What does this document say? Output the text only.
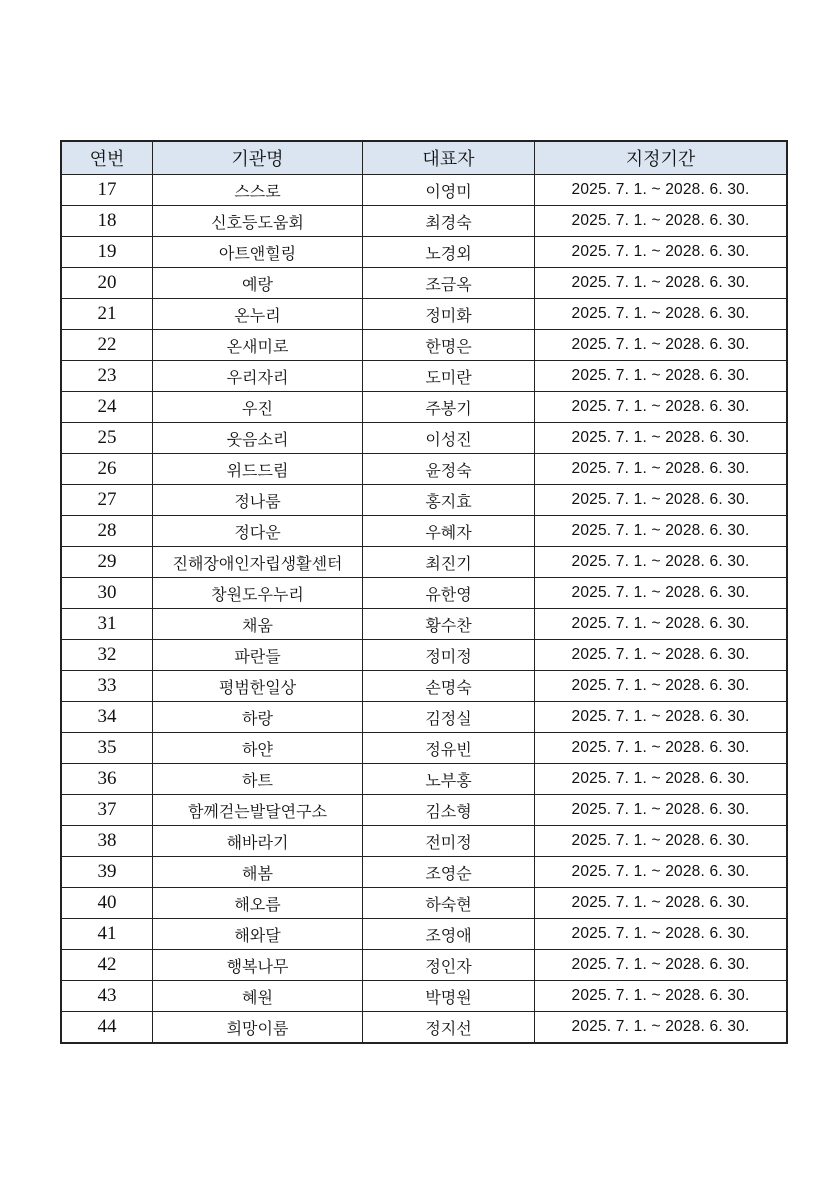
연번	기관명	대표자	지정기간
17	스스로	이영미	2025. 7. 1. ~ 2028. 6. 30.
18	신호등도움회	최경숙	2025. 7. 1. ~ 2028. 6. 30.
19	아트앤힐링	노경외	2025. 7. 1. ~ 2028. 6. 30.
20	예랑	조금옥	2025. 7. 1. ~ 2028. 6. 30.
21	온누리	정미화	2025. 7. 1. ~ 2028. 6. 30.
22	온새미로	한명은	2025. 7. 1. ~ 2028. 6. 30.
23	우리자리	도미란	2025. 7. 1. ~ 2028. 6. 30.
24	우진	주봉기	2025. 7. 1. ~ 2028. 6. 30.
25	웃음소리	이성진	2025. 7. 1. ~ 2028. 6. 30.
26	위드드림	윤정숙	2025. 7. 1. ~ 2028. 6. 30.
27	정나룸	홍지효	2025. 7. 1. ~ 2028. 6. 30.
28	정다운	우혜자	2025. 7. 1. ~ 2028. 6. 30.
29	진해장애인자립생활센터	최진기	2025. 7. 1. ~ 2028. 6. 30.
30	창원도우누리	유한영	2025. 7. 1. ~ 2028. 6. 30.
31	채움	황수찬	2025. 7. 1. ~ 2028. 6. 30.
32	파란들	정미정	2025. 7. 1. ~ 2028. 6. 30.
33	평범한일상	손명숙	2025. 7. 1. ~ 2028. 6. 30.
34	하랑	김정실	2025. 7. 1. ~ 2028. 6. 30.
35	하얀	정유빈	2025. 7. 1. ~ 2028. 6. 30.
36	하트	노부홍	2025. 7. 1. ~ 2028. 6. 30.
37	함께걷는발달연구소	김소형	2025. 7. 1. ~ 2028. 6. 30.
38	해바라기	전미정	2025. 7. 1. ~ 2028. 6. 30.
39	해봄	조영순	2025. 7. 1. ~ 2028. 6. 30.
40	해오름	하숙현	2025. 7. 1. ~ 2028. 6. 30.
41	해와달	조영애	2025. 7. 1. ~ 2028. 6. 30.
42	행복나무	정인자	2025. 7. 1. ~ 2028. 6. 30.
43	혜원	박명원	2025. 7. 1. ~ 2028. 6. 30.
44	희망이룸	정지선	2025. 7. 1. ~ 2028. 6. 30.
